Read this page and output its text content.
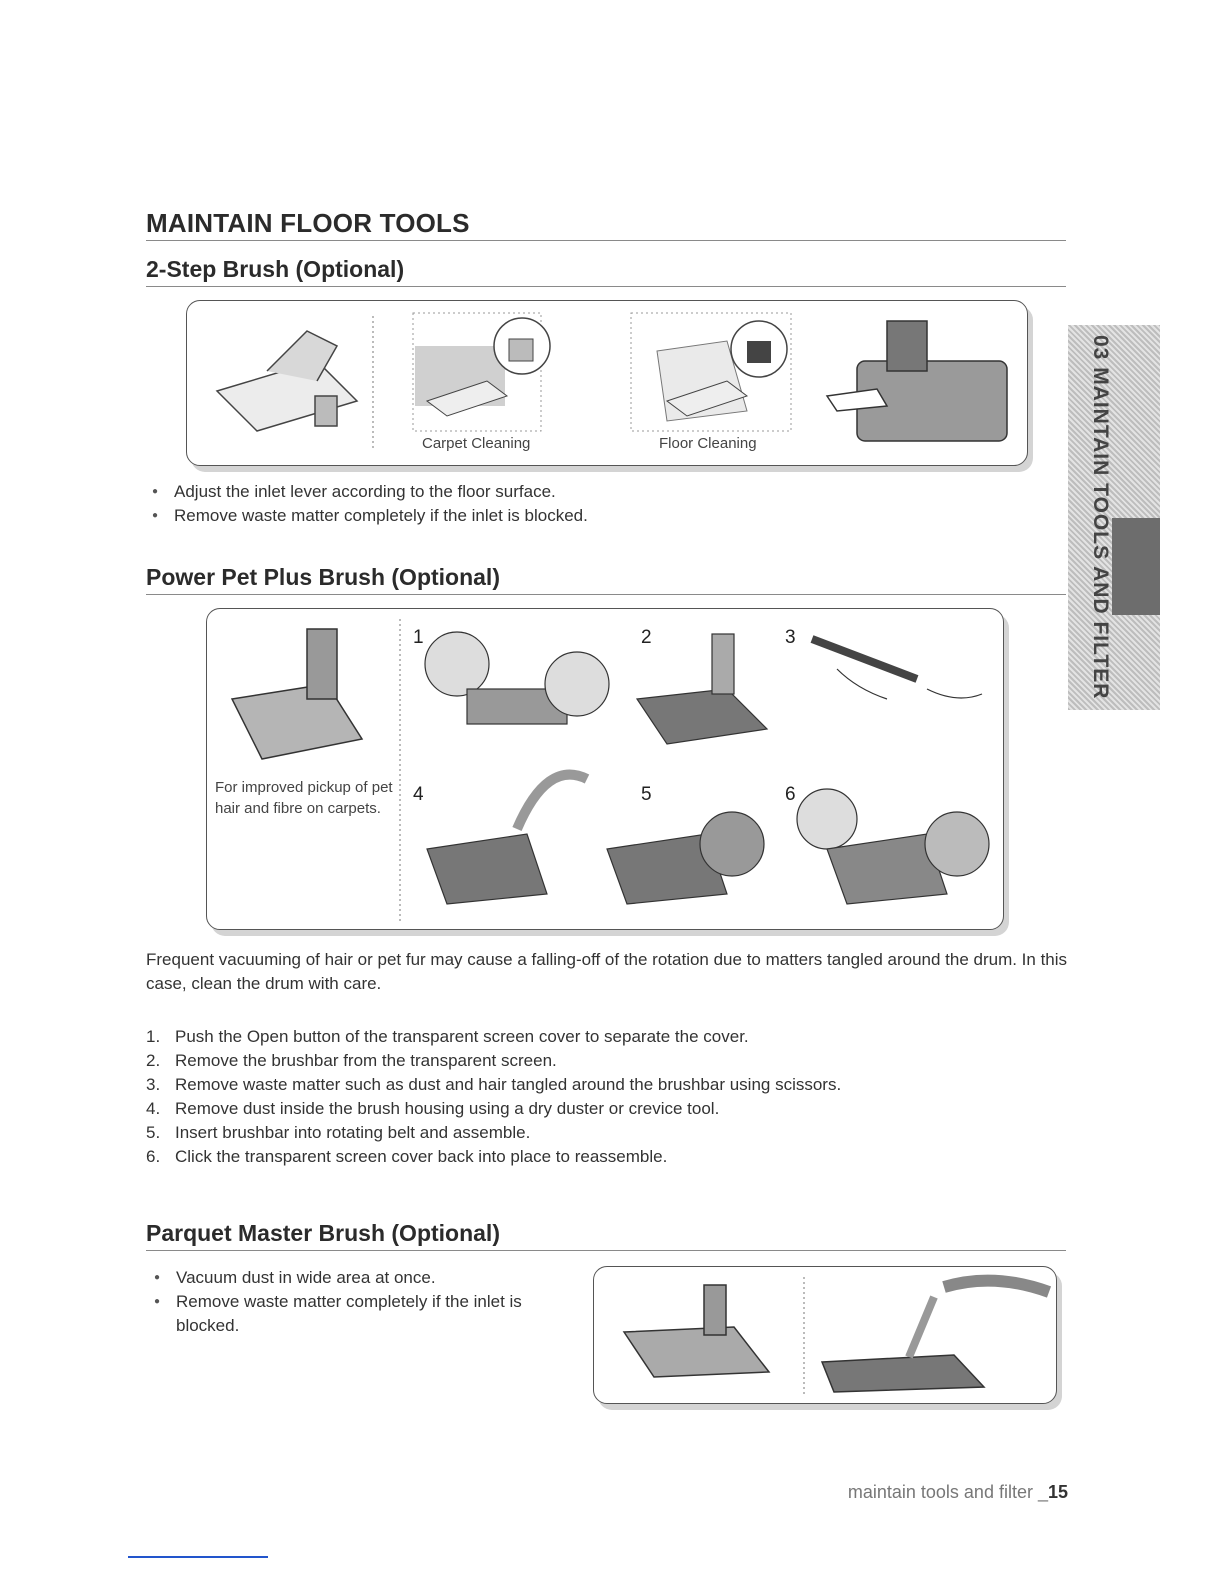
03 MAINTAIN TOOLS AND FILTER
MAINTAIN FLOOR TOOLS
2-Step Brush (Optional)
Carpet Cleaning	Floor Cleaning
● Adjust the inlet lever according to the floor surface.
● Remove waste matter completely if the inlet is blocked.
Power Pet Plus Brush (Optional)
For improved pickup of pet hair and fibre on carpets.
1	2	3
4	5	6
Frequent vacuuming of hair or pet fur may cause a falling-off of the rotation due to matters tangled around the drum. In this case, clean the drum with care.
1. Push the Open button of the transparent screen cover to separate the cover.
2. Remove the brushbar from the transparent screen.
3. Remove waste matter such as dust and hair tangled around the brushbar using scissors.
4. Remove dust inside the brush housing using a dry duster or crevice tool.
5. Insert brushbar into rotating belt and assemble.
6. Click the transparent screen cover back into place to reassemble.
Parquet Master Brush (Optional)
● Vacuum dust in wide area at once.
● Remove waste matter completely if the inlet is blocked.
maintain tools and filter _15
